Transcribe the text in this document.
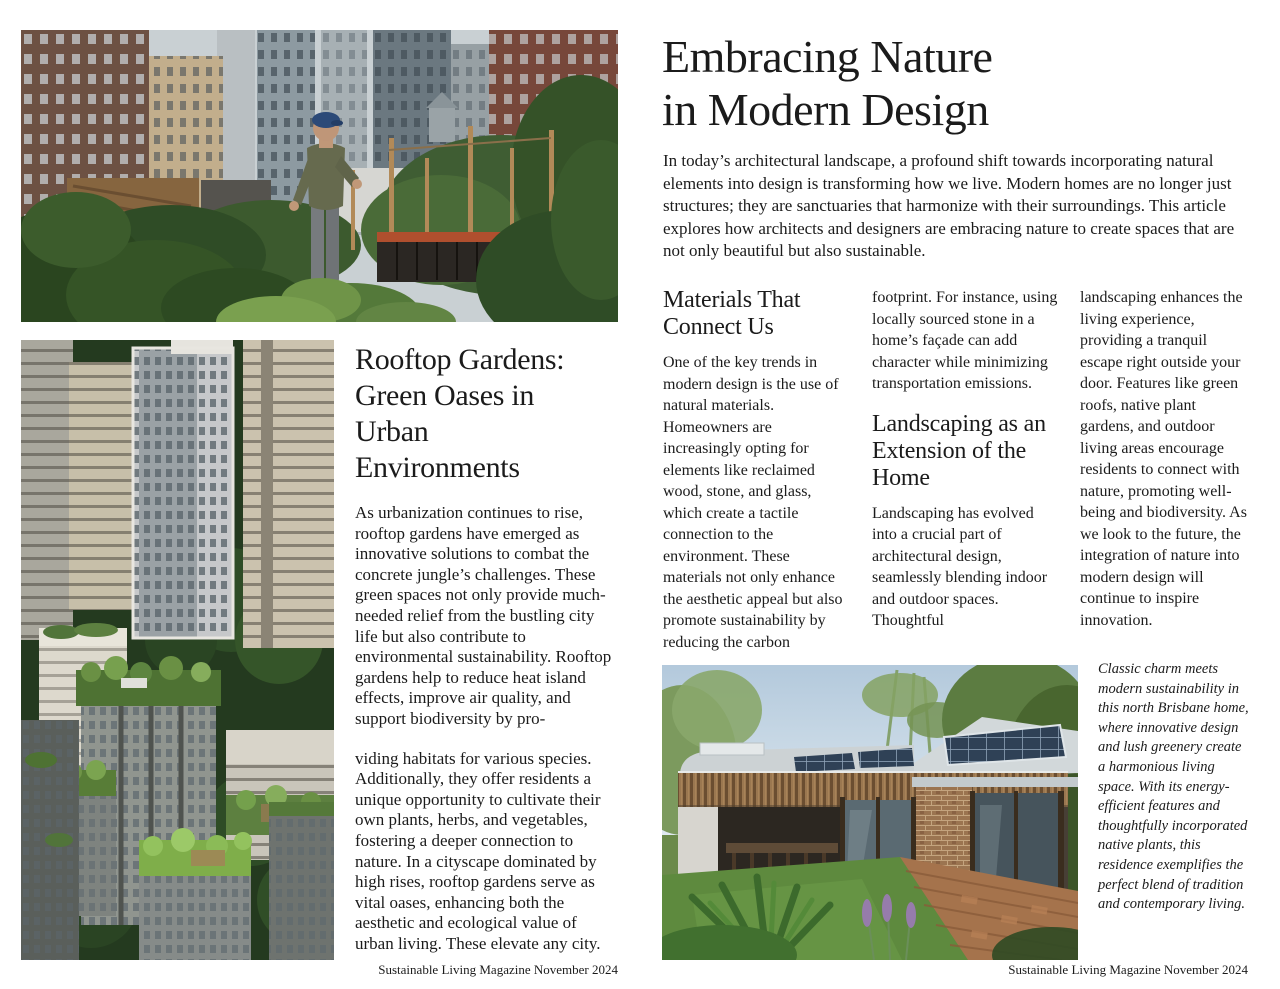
Rooftop Gardens: Green Oases in Urban Environments

As urbanization continues to rise, rooftop gardens have emerged as innovative solutions to combat the concrete jungle’s challenges. These green spaces not only provide much-needed relief from the bustling city life but also contribute to environmental sustainability. Rooftop gardens help to reduce heat island effects, improve air quality, and support biodiversity by pro-

viding habitats for various species. Additionally, they offer residents a unique opportunity to cultivate their own plants, herbs, and vegetables, fostering a deeper connection to nature. In a cityscape dominated by high rises, rooftop gardens serve as vital oases, enhancing both the aesthetic and ecological value of urban living. These elevate any city.

Sustainable Living Magazine November 2024
Embracing Nature
in Modern Design

In today’s architectural landscape, a profound shift towards incorporating natural elements into design is transforming how we live. Modern homes are no longer just structures; they are sanctuaries that harmonize with their surroundings. This article explores how architects and designers are embracing nature to create spaces that are not only beautiful but also sustainable.

Materials That Connect Us

One of the key trends in modern design is the use of natural materials. Homeowners are increasingly opting for elements like reclaimed wood, stone, and glass, which create a tactile connection to the environment. These materials not only enhance the aesthetic appeal but also promote sustainability by reducing the carbon

footprint. For instance, using locally sourced stone in a home’s façade can add character while minimizing transportation emissions.

Landscaping as an Extension of the Home

Landscaping has evolved into a crucial part of architectural design, seamlessly blending indoor and outdoor spaces. Thoughtful

landscaping enhances the living experience, providing a tranquil escape right outside your door. Features like green roofs, native plant gardens, and outdoor living areas encourage residents to connect with nature, promoting well-being and biodiversity. As we look to the future, the integration of nature into modern design will continue to inspire innovation.

Classic charm meets modern sustainability in this north Brisbane home, where innovative design and lush greenery create a harmonious living space. With its energy-efficient features and thoughtfully incorporated native plants, this residence exemplifies the perfect blend of tradition and contemporary living.

Sustainable Living Magazine November 2024
